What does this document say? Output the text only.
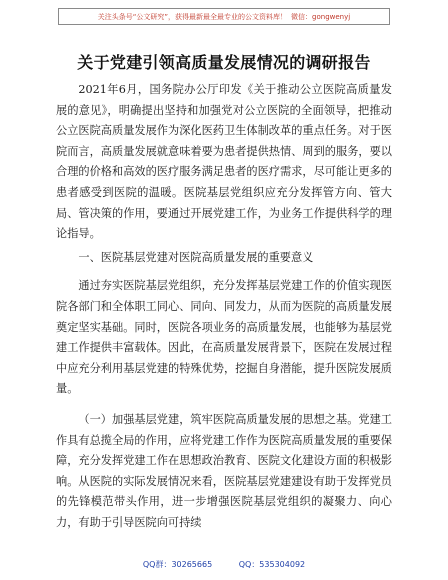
关注头条号“公文研究”，获得最新最全最专业的公文资料库！ 微信：gongwenyj
关于党建引领高质量发展情况的调研报告

2021年6月，国务院办公厅印发《关于推动公立医院高质量发展的意见》，明确提出坚持和加强党对公立医院的全面领导，把推动公立医院高质量发展作为深化医药卫生体制改革的重点任务。对于医院而言，高质量发展就意味着要为患者提供热情、周到的服务，要以合理的价格和高效的医疗服务满足患者的医疗需求，尽可能让更多的患者感受到医院的温暖。医院基层党组织应充分发挥管方向、管大局、管决策的作用，要通过开展党建工作，为业务工作提供科学的理论指导。

一、医院基层党建对医院高质量发展的重要意义

通过夯实医院基层党组织，充分发挥基层党建工作的价值实现医院各部门和全体职工同心、同向、同发力，从而为医院的高质量发展奠定坚实基础。同时，医院各项业务的高质量发展，也能够为基层党建工作提供丰富载体。因此，在高质量发展背景下，医院在发展过程中应充分利用基层党建的特殊优势，挖掘自身潜能，提升医院发展质量。

（一）加强基层党建，筑牢医院高质量发展的思想之基。党建工作具有总揽全局的作用，应将党建工作作为医院高质量发展的重要保障，充分发挥党建工作在思想政治教育、医院文化建设方面的积极影响。从医院的实际发展情况来看，医院基层党建建设有助于发挥党员的先锋模范带头作用，进一步增强医院基层党组织的凝聚力、向心力，有助于引导医院向可持续

QQ群：30265665	QQ：535304092
